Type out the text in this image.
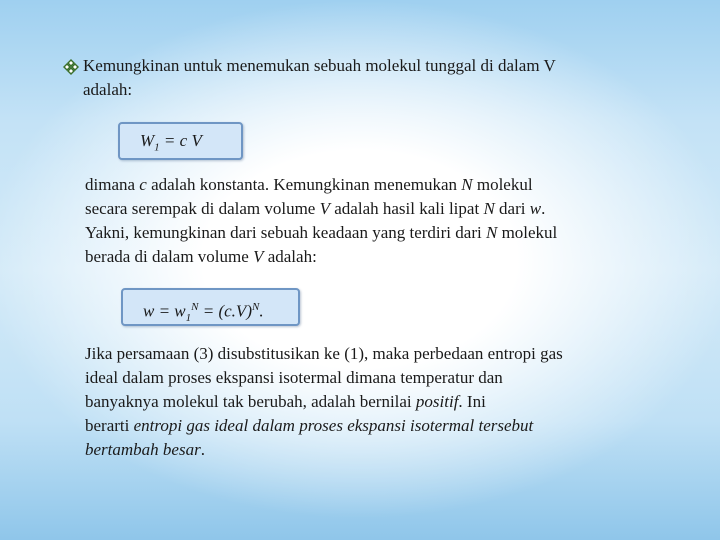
Kemungkinan untuk menemukan sebuah molekul tunggal di dalam V
adalah:
$W_1 = c$ V
dimana c adalah konstanta. Kemungkinan menemukan N molekul
secara serempak di dalam volume V adalah hasil kali lipat N dari w.
Yakni, kemungkinan dari sebuah keadaan yang terdiri dari N molekul
berada di dalam volume V adalah:
$w = w_1^N = (c.V)^N$.
Jika persamaan (3) disubstitusikan ke (1), maka perbedaan entropi gas
ideal dalam proses ekspansi isotermal dimana temperatur dan
banyaknya molekul tak berubah, adalah bernilai positif. Ini
berarti entropi gas ideal dalam proses ekspansi isotermal tersebut
bertambah besar.
